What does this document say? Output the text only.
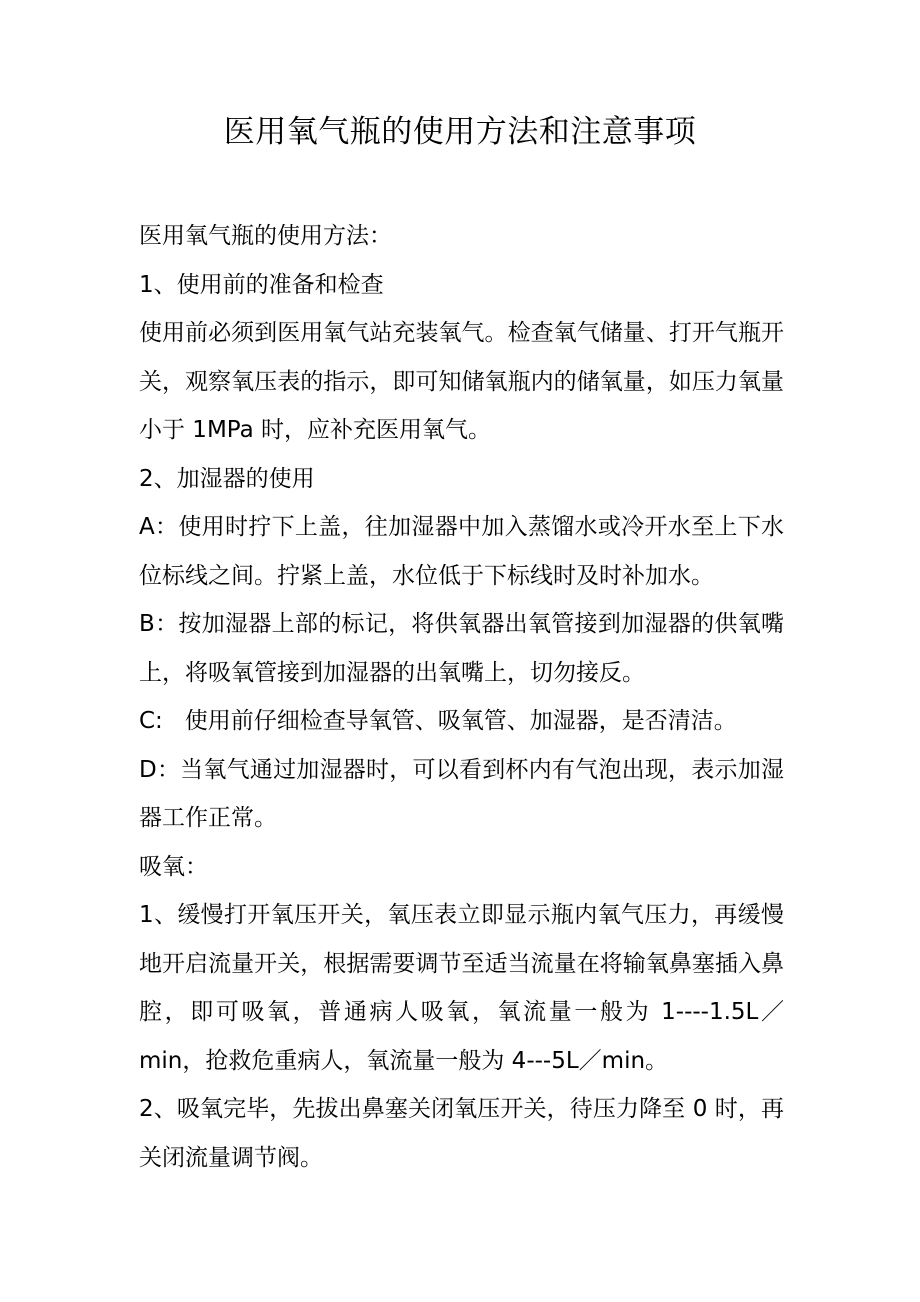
医用氧气瓶的使用方法和注意事项

医用氧气瓶的使用方法：

1、使用前的准备和检查

使用前必须到医用氧气站充装氧气。检查氧气储量、打开气瓶开关，观察氧压表的指示，即可知储氧瓶内的储氧量，如压力氧量小于 1MPa 时，应补充医用氧气。

2、加湿器的使用

A：使用时拧下上盖，往加湿器中加入蒸馏水或冷开水至上下水位标线之间。拧紧上盖，水位低于下标线时及时补加水。

B：按加湿器上部的标记，将供氧器出氧管接到加湿器的供氧嘴上，将吸氧管接到加湿器的出氧嘴上，切勿接反。

C:   使用前仔细检查导氧管、吸氧管、加湿器，是否清洁。

D：当氧气通过加湿器时，可以看到杯内有气泡出现，表示加湿器工作正常。

吸氧：

1、缓慢打开氧压开关，氧压表立即显示瓶内氧气压力，再缓慢地开启流量开关，根据需要调节至适当流量在将输氧鼻塞插入鼻腔，即可吸氧，普通病人吸氧，氧流量一般为 1----1.5L／min，抢救危重病人，氧流量一般为 4---5L／min。

2、吸氧完毕，先拔出鼻塞关闭氧压开关，待压力降至 0 时，再关闭流量调节阀。
